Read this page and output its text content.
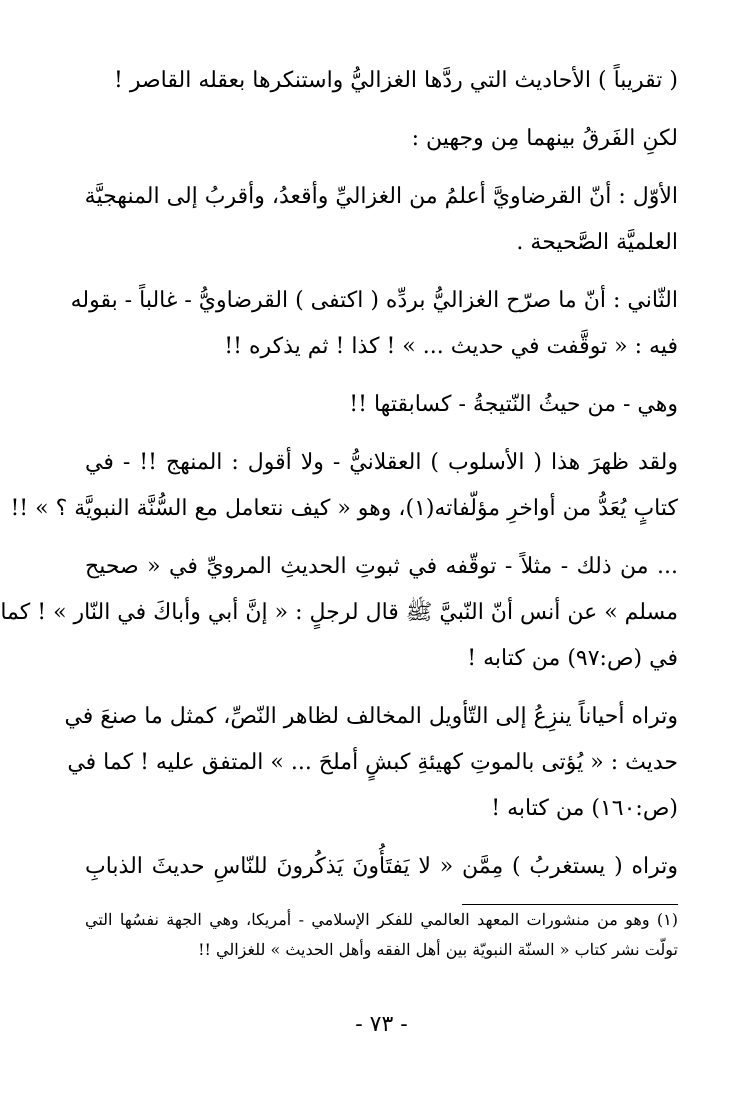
( تقريباً ) الأحاديث التي ردَّها الغزاليُّ واستنكرها بعقله القاصر !
لكنِ الفَرقُ بينهما مِن وجهين :
الأوّل : أنّ القرضاويَّ أعلمُ من الغزاليِّ وأقعدُ، وأقربُ إلى المنهجيَّة
العلميَّة الصَّحيحة .
الثّاني : أنّ ما صرّح الغزاليُّ بردِّه ( اكتفى ) القرضاويُّ - غالباً - بقوله
فيه : « توقَّفت في حديث ... » ! كذا ! ثم يذكره !!
وهي - من حيثُ النّتيجةُ - كسابقتها !!
ولقد ظهرَ هذا ( الأسلوب ) العقلانيُّ - ولا أقول : المنهج !! - في
كتابٍ يُعَدُّ من أواخرِ مؤلّفاته(١)، وهو « كيف نتعامل مع السُّنَّة النبويَّة ؟ » !!
... من ذلك - مثلاً - توقّفه في ثبوتِ الحديثِ المرويِّ في « صحيح
مسلم » عن أنس أنّ النّبيَّ ﷺ قال لرجلٍ : « إنَّ أبي وأباكَ في النّار » ! كما
في (ص:٩٧) من كتابه !
وتراه أحياناً ينزِعُ إلى التّأويل المخالف لظاهر النّصِّ، كمثل ما صنعَ في
حديث : « يُؤتى بالموتِ كهيئةِ كبشٍ أملحَ ... » المتفق عليه ! كما في
(ص:١٦٠) من كتابه !
وتراه ( يستغربُ ) مِمَّن « لا يَفتَأُونَ يَذكُرونَ للنّاسِ حديثَ الذبابِ
(١) وهو من منشورات المعهد العالمي للفكر الإسلامي - أمريكا، وهي الجهة نفسُها التي
تولّت نشر كتاب « السنّة النبويّة بين أهل الفقه وأهل الحديث » للغزالي !!
- ٧٣ -
